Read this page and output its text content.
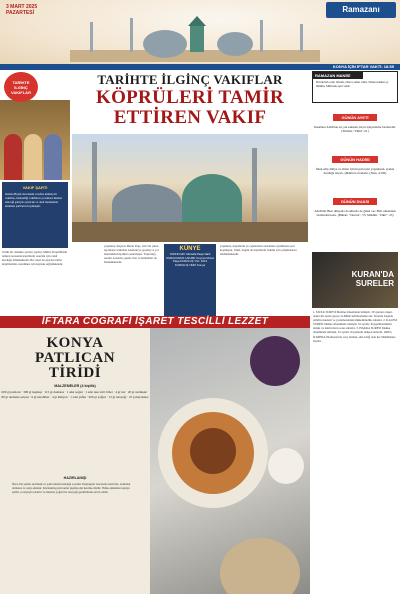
3 MART 2025
PAZARTESİ	Ramazanı
KONYA İÇİN İFTAR VAKTİ: 18:55
TARİHTE
İLGİNÇ
VAKIFLAR
VAKIF ŞARTI

Osman Beyin öncesinde vasıfsız kalmış bir vakıftan, üstlendiği vakıfların çocuklara hizmet edeceği şartıyla oyuncak ve okul malzemesi alınması şartlarını koymuştur.

Tarihi bir olmakla ayrılan yapılar, Mimar Köprülü'nün tamirat sırasında köprülerin onarımı için vakıf kurduğu bilinmektedir. Bu vakıf, Konya'nın tarihi köprülerinin onarılması için kaynak sağlamaktadır.
TARİHTE İLGİNÇ VAKIFLAR
KÖPRÜLERİ TAMİR
ETTİREN VAKIF
yaparmış. Kuyucu Murat Paşa, 1611'de çıkan isyanların ardından Anadolu'ya geçmiş ve yol üzerindeki köprüleri onartmıştır. Yaptırdığı eserler arasında çeşme, han ve hamamlar da bulunmaktadır.
KÜNYE
YAKFIN ADI: Mustafa Paşa Vakfı KURUCUNUN LAKABI: Kuyucu Murat Paşa KURULUŞ YILI: 1613 KURULUŞ YERİ: Konya
yapımına, köprülerin ve çeşmelerin onarımına ayrılmasını şart koşmuştur. Vakıf, bugün de köprülerin bakımı için çalışmalarını sürdürmektedir.
RAMAZAN MANİSİ
Davulcum çalar davulu, Oruca sahur vakti, Sahura kalkın ey mümin, Mübarek ayın vakti.
GÜNÜN AYETİ
İnsanlara Allah'tan en çok sakınan, hayır işleyenlerle beraberdir. (Tirmizi, "Zühd", 61)
GÜNÜN HADİSİ
İman edip dünya ve ahiret için hayırlı işler yapanların, ayakta durduğu hayatı, şükürleri ortadadır. (Nisa, 4/100)
GÜNÜN DUASI
Allah'ım! Bize dünyada da ahirette de güzel ver. Bizi cehennem azabından koru. (Buhari, "Deavat", 55; Müslim, "Zikir", 23)
KURAN'DA
SURELER
1. MÜLK SURESİ Medine döneminde inmiştir. 30 ayetten oluşur. Adını ilk ayette geçen 'el-Mülk' kelimesinden alır. Surenin başında Allah'ın kudreti ve yaratmasındaki mükemmellik anlatılır. 2. KALEM SURESİ Mekke döneminde inmiştir. 52 ayettir. Peygamberimizin ahlakı ve inkârcıların sonu anlatılır. 3. HAKKA SURESİ Mekke döneminde inmiştir. 52 ayettir. Kıyametin dehşeti anlatılır. ORUÇ İLMİHALİ Ramazan'da oruç tutmak, akıl-baliğ olan her Müslümana farzdır.
İFTARA COĞRAFİ İŞARET TESCİLLİ LEZZET
KONYA
PATLICAN
TİRİDİ
MALZEMELER (4 kişilik)
600 gr patlıcan · 300 gr kuşbaşı · 115 gr domates · 1 adet soğan · 1 adet taze sivri biber · 4 gr tuz · 20 gr sarımsak · 80 gr domates salçası · 6 gr karabiber · 4 gr kimyon · 1 adet yufka · 200 gr yoğurt · 15 gr tereyağı · 25 g maydanoz
HAZIRLANIŞI
Önce biz yerine sarımsak ve patlıcanların kabuğu soyulur. Kuşbaşılar tencerede kavrulur, ardından domates ve salça eklenir. Közlenmiş patlıcanlar pişmiş etin üzerine dizilir. Yufka ekmekler tepsiye serilir, et suyuyla ıslatılır ve üzerine yoğurt ile tereyağı gezdirilerek servis edilir.
